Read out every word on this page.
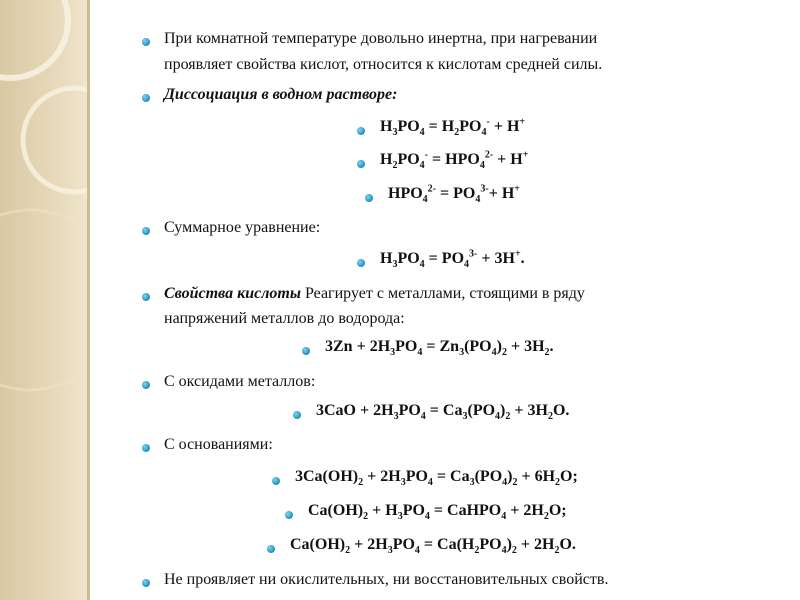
При комнатной температуре довольно инертна, при нагревании
проявляет свойства кислот, относится к кислотам средней силы.
Диссоциация в водном растворе:
$H_3PO_4 = H_2PO_4^- + H^+$
$H_2PO_4^- = HPO_4^{2-} + H^+$
$HPO_4^{2-} = PO_4^{3-}+ H^+$
Суммарное уравнение:
$H_3PO_4 = PO_4^{3-} + 3H^+$.
Свойства кислоты Реагирует с металлами, стоящими в ряду
напряжений металлов до водорода:
$3Zn + 2H_3PO_4 = Zn_3(PO_4)_2 + 3H_2$.
С оксидами металлов:
$3CaO + 2H_3PO_4 = Ca_3(PO_4)_2 + 3H_2O$.
С основаниями:
$3Ca(OH)_2 + 2H_3PO_4 = Ca_3(PO_4)_2 + 6H_2O$;
$Ca(OH)_2 + H_3PO_4$ = CaHPO$_4$ + $2H_2O$;
$Ca(OH)_2 + 2H_3PO_4 = Ca(H_2PO_4)_2 + 2H_2O$.
Не проявляет ни окислительных, ни восстановительных свойств.
